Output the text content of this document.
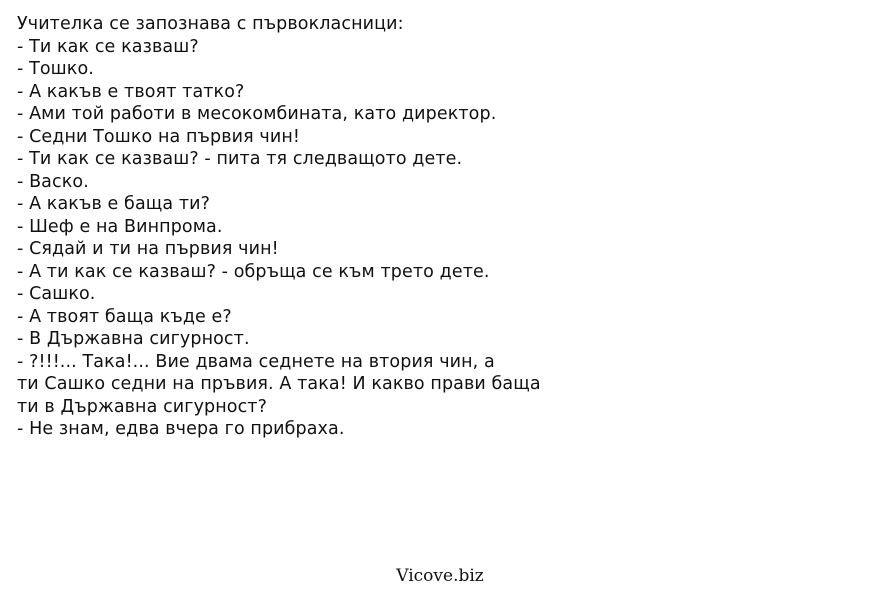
Учителка се запознава с първокласници:
- Ти как се казваш?
- Тошко.
- А какъв е твоят татко?
- Ами той работи в месокомбината, като директор.
- Седни Тошко на първия чин!
- Ти как се казваш? - пита тя следващото дете.
- Васко.
- А какъв е баща ти?
- Шеф е на Винпрома.
- Сядай и ти на първия чин!
- А ти как се казваш? - обръща се към трето дете.
- Сашко.
- А твоят баща къде е?
- В Държавна сигурност.
- ?!!!... Така!... Вие двама седнете на втория чин, а
ти Сашко седни на пръвия. А така! И какво прави баща
ти в Държавна сигурност?
- Не знам, едва вчера го прибраха.
Vicove.biz
